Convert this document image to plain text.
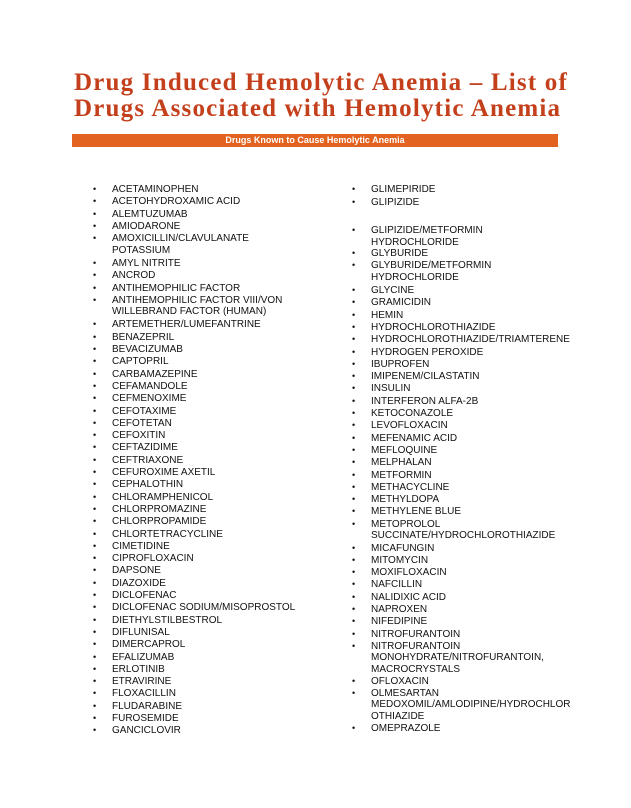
Drug Induced Hemolytic Anemia – List of Drugs Associated with Hemolytic Anemia
Drugs Known to Cause Hemolytic Anemia
• ACETAMINOPHEN
• ACETOHYDROXAMIC ACID
• ALEMTUZUMAB
• AMIODARONE
• AMOXICILLIN/CLAVULANATE
POTASSIUM
• AMYL NITRITE
• ANCROD
• ANTIHEMOPHILIC FACTOR
• ANTIHEMOPHILIC FACTOR VIII/VON
WILLEBRAND FACTOR (HUMAN)
• ARTEMETHER/LUMEFANTRINE
• BENAZEPRIL
• BEVACIZUMAB
• CAPTOPRIL
• CARBAMAZEPINE
• CEFAMANDOLE
• CEFMENOXIME
• CEFOTAXIME
• CEFOTETAN
• CEFOXITIN
• CEFTAZIDIME
• CEFTRIAXONE
• CEFUROXIME AXETIL
• CEPHALOTHIN
• CHLORAMPHENICOL
• CHLORPROMAZINE
• CHLORPROPAMIDE
• CHLORTETRACYCLINE
• CIMETIDINE
• CIPROFLOXACIN
• DAPSONE
• DIAZOXIDE
• DICLOFENAC
• DICLOFENAC SODIUM/MISOPROSTOL
• DIETHYLSTILBESTROL
• DIFLUNISAL
• DIMERCAPROL
• EFALIZUMAB
• ERLOTINIB
• ETRAVIRINE
• FLOXACILLIN
• FLUDARABINE
• FUROSEMIDE
• GANCICLOVIR
• GLIMEPIRIDE
• GLIPIZIDE
• GLIPIZIDE/METFORMIN
HYDROCHLORIDE
• GLYBURIDE
• GLYBURIDE/METFORMIN
HYDROCHLORIDE
• GLYCINE
• GRAMICIDIN
• HEMIN
• HYDROCHLOROTHIAZIDE
• HYDROCHLOROTHIAZIDE/TRIAMTERENE
• HYDROGEN PEROXIDE
• IBUPROFEN
• IMIPENEM/CILASTATIN
• INSULIN
• INTERFERON ALFA-2B
• KETOCONAZOLE
• LEVOFLOXACIN
• MEFENAMIC ACID
• MEFLOQUINE
• MELPHALAN
• METFORMIN
• METHACYCLINE
• METHYLDOPA
• METHYLENE BLUE
• METOPROLOL
SUCCINATE/HYDROCHLOROTHIAZIDE
• MICAFUNGIN
• MITOMYCIN
• MOXIFLOXACIN
• NAFCILLIN
• NALIDIXIC ACID
• NAPROXEN
• NIFEDIPINE
• NITROFURANTOIN
• NITROFURANTOIN
MONOHYDRATE/NITROFURANTOIN,
MACROCRYSTALS
• OFLOXACIN
• OLMESARTAN
MEDOXOMIL/AMLODIPINE/HYDROCHLOR
OTHIAZIDE
• OMEPRAZOLE
